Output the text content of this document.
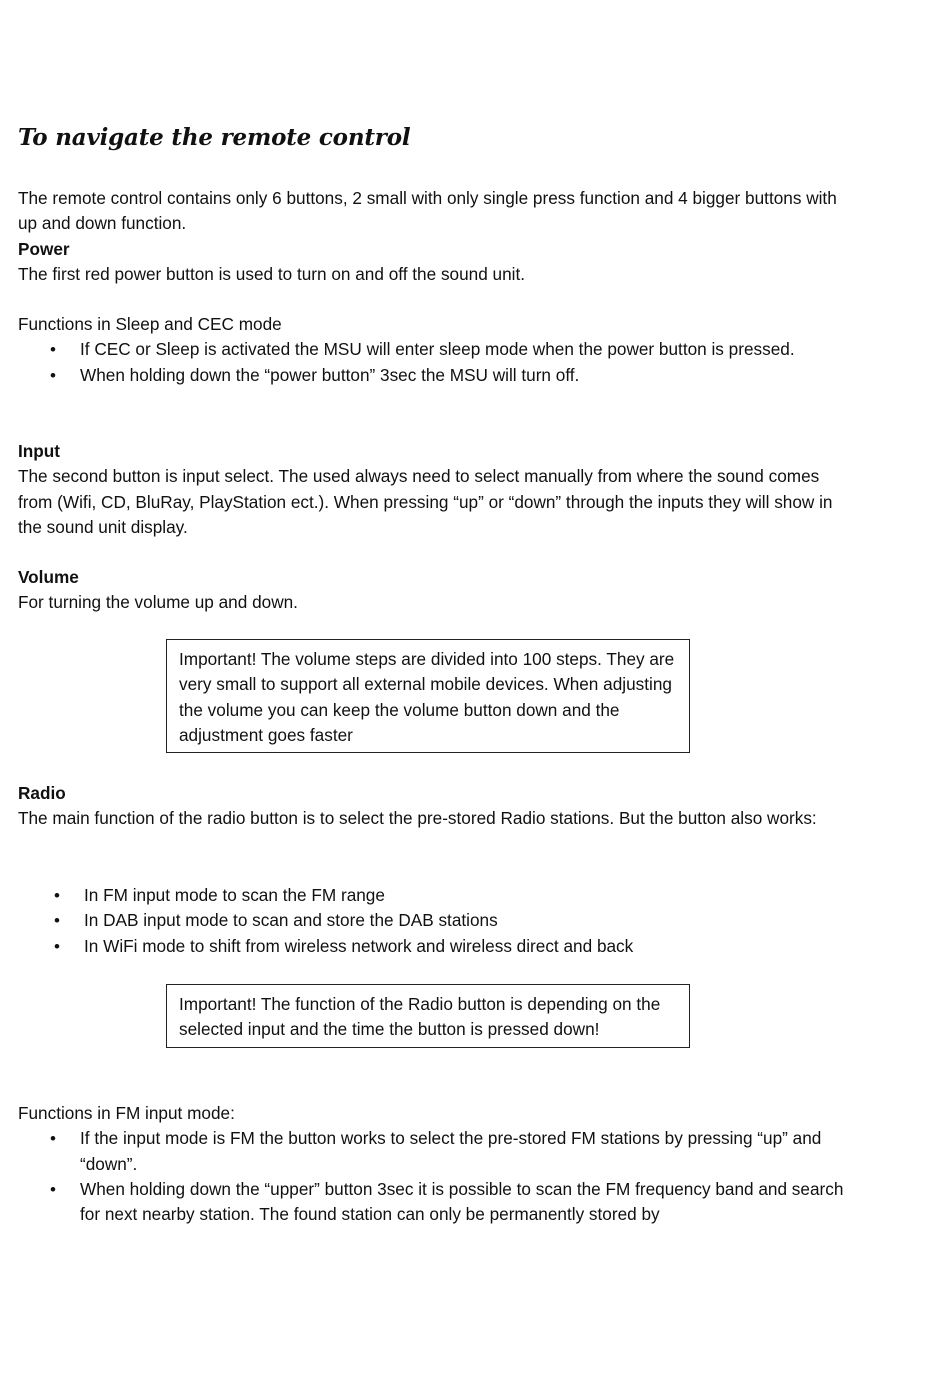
To navigate the remote control

The remote control contains only 6 buttons, 2 small with only single press function and 4 bigger buttons with up and down function.

Power

The first red power button is used to turn on and off the sound unit.

Functions in Sleep and CEC mode

• If CEC or Sleep is activated the MSU will enter sleep mode when the power button is pressed.
• When holding down the “power button” 3sec the MSU will turn off.

Input

The second button is input select. The used always need to select manually from where the sound comes from (Wifi, CD, BluRay, PlayStation ect.). When pressing “up” or “down” through the inputs they will show in the sound unit display.

Volume

For turning the volume up and down.

Important! The volume steps are divided into 100 steps. They are very small to support all external mobile devices. When adjusting the volume you can keep the volume button down and the adjustment goes faster

Radio

The main function of the radio button is to select the pre-stored Radio stations. But the button also works:

• In FM input mode to scan the FM range
• In DAB input mode to scan and store the DAB stations
• In WiFi mode to shift from wireless network and wireless direct and back

Important! The function of the Radio button is depending on the selected input and the time the button is pressed down!

Functions in FM input mode:

• If the input mode is FM the button works to select the pre-stored FM stations by pressing “up” and “down”.
• When holding down the “upper” button 3sec it is possible to scan the FM frequency band and search for next nearby station. The found station can only be permanently stored by
